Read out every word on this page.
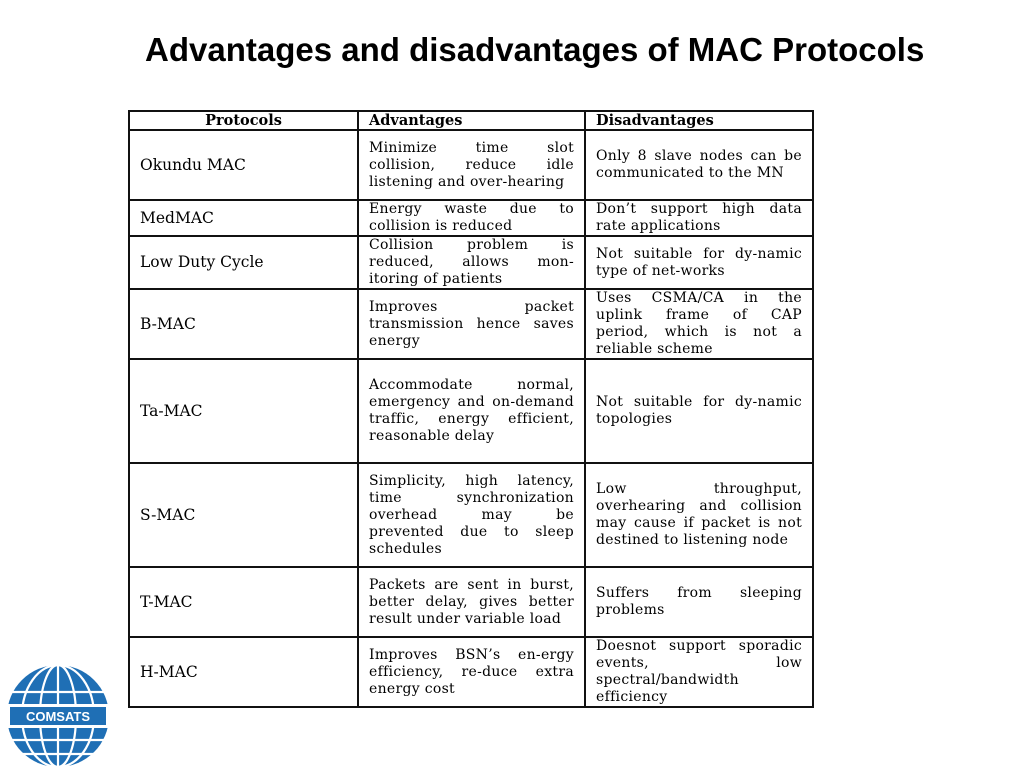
Advantages and disadvantages of MAC Protocols
Protocols	Advantages	Disadvantages
Okundu MAC	Minimize time slot collision, reduce idle listening and over-hearing	Only 8 slave nodes can be communicated to the MN
MedMAC	Energy waste due to collision is reduced	Don’t support high data rate applications
Low Duty Cycle	Collision problem is reduced, allows mon-itoring of patients	Not suitable for dy-namic type of net-works
B-MAC	Improves packet transmission hence saves energy	Uses CSMA/CA in the uplink frame of CAP period, which is not a reliable scheme
Ta-MAC	Accommodate normal, emergency and on-demand traffic, energy efficient, reasonable delay	Not suitable for dy-namic topologies
S-MAC	Simplicity, high latency, time synchronization overhead may be prevented due to sleep schedules	Low throughput, overhearing and collision may cause if packet is not destined to listening node
T-MAC	Packets are sent in burst, better delay, gives better result under variable load	Suffers from sleeping problems
H-MAC	Improves BSN’s en-ergy efficiency, re-duce extra energy cost	Doesnot support sporadic events, low spectral/bandwidth efficiency
COMSATS
